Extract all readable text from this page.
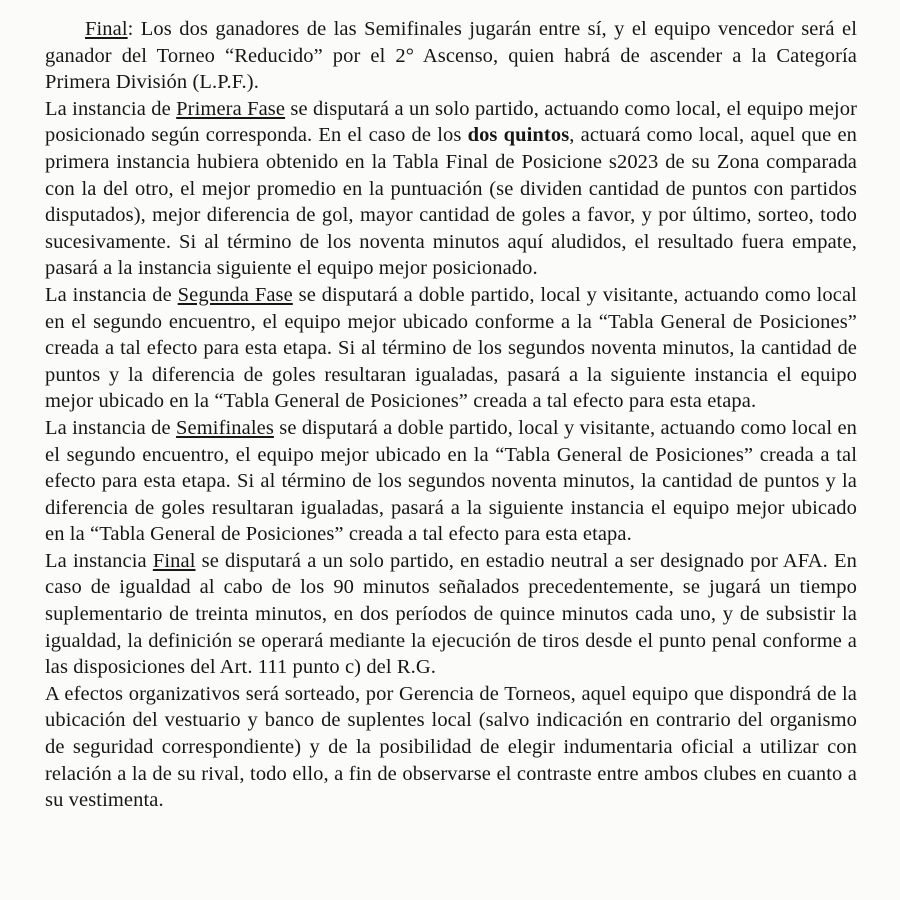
Final: Los dos ganadores de las Semifinales jugarán entre sí, y el equipo vencedor será el ganador del Torneo “Reducido” por el 2° Ascenso, quien habrá de ascender a la Categoría Primera División (L.P.F.).

La instancia de Primera Fase se disputará a un solo partido, actuando como local, el equipo mejor posicionado según corresponda. En el caso de los dos quintos, actuará como local, aquel que en primera instancia hubiera obtenido en la Tabla Final de Posicione s2023 de su Zona comparada con la del otro, el mejor promedio en la puntuación (se dividen cantidad de puntos con partidos disputados), mejor diferencia de gol, mayor cantidad de goles a favor, y por último, sorteo, todo sucesivamente. Si al término de los noventa minutos aquí aludidos, el resultado fuera empate, pasará a la instancia siguiente el equipo mejor posicionado.

La instancia de Segunda Fase se disputará a doble partido, local y visitante, actuando como local en el segundo encuentro, el equipo mejor ubicado conforme a la “Tabla General de Posiciones” creada a tal efecto para esta etapa. Si al término de los segundos noventa minutos, la cantidad de puntos y la diferencia de goles resultaran igualadas, pasará a la siguiente instancia el equipo mejor ubicado en la “Tabla General de Posiciones” creada a tal efecto para esta etapa.

La instancia de Semifinales se disputará a doble partido, local y visitante, actuando como local en el segundo encuentro, el equipo mejor ubicado en la “Tabla General de Posiciones” creada a tal efecto para esta etapa. Si al término de los segundos noventa minutos, la cantidad de puntos y la diferencia de goles resultaran igualadas, pasará a la siguiente instancia el equipo mejor ubicado en la “Tabla General de Posiciones” creada a tal efecto para esta etapa.

La instancia Final se disputará a un solo partido, en estadio neutral a ser designado por AFA. En caso de igualdad al cabo de los 90 minutos señalados precedentemente, se jugará un tiempo suplementario de treinta minutos, en dos períodos de quince minutos cada uno, y de subsistir la igualdad, la definición se operará mediante la ejecución de tiros desde el punto penal conforme a las disposiciones del Art. 111 punto c) del R.G.

A efectos organizativos será sorteado, por Gerencia de Torneos, aquel equipo que dispondrá de la ubicación del vestuario y banco de suplentes local (salvo indicación en contrario del organismo de seguridad correspondiente) y de la posibilidad de elegir indumentaria oficial a utilizar con relación a la de su rival, todo ello, a fin de observarse el contraste entre ambos clubes en cuanto a su vestimenta.
